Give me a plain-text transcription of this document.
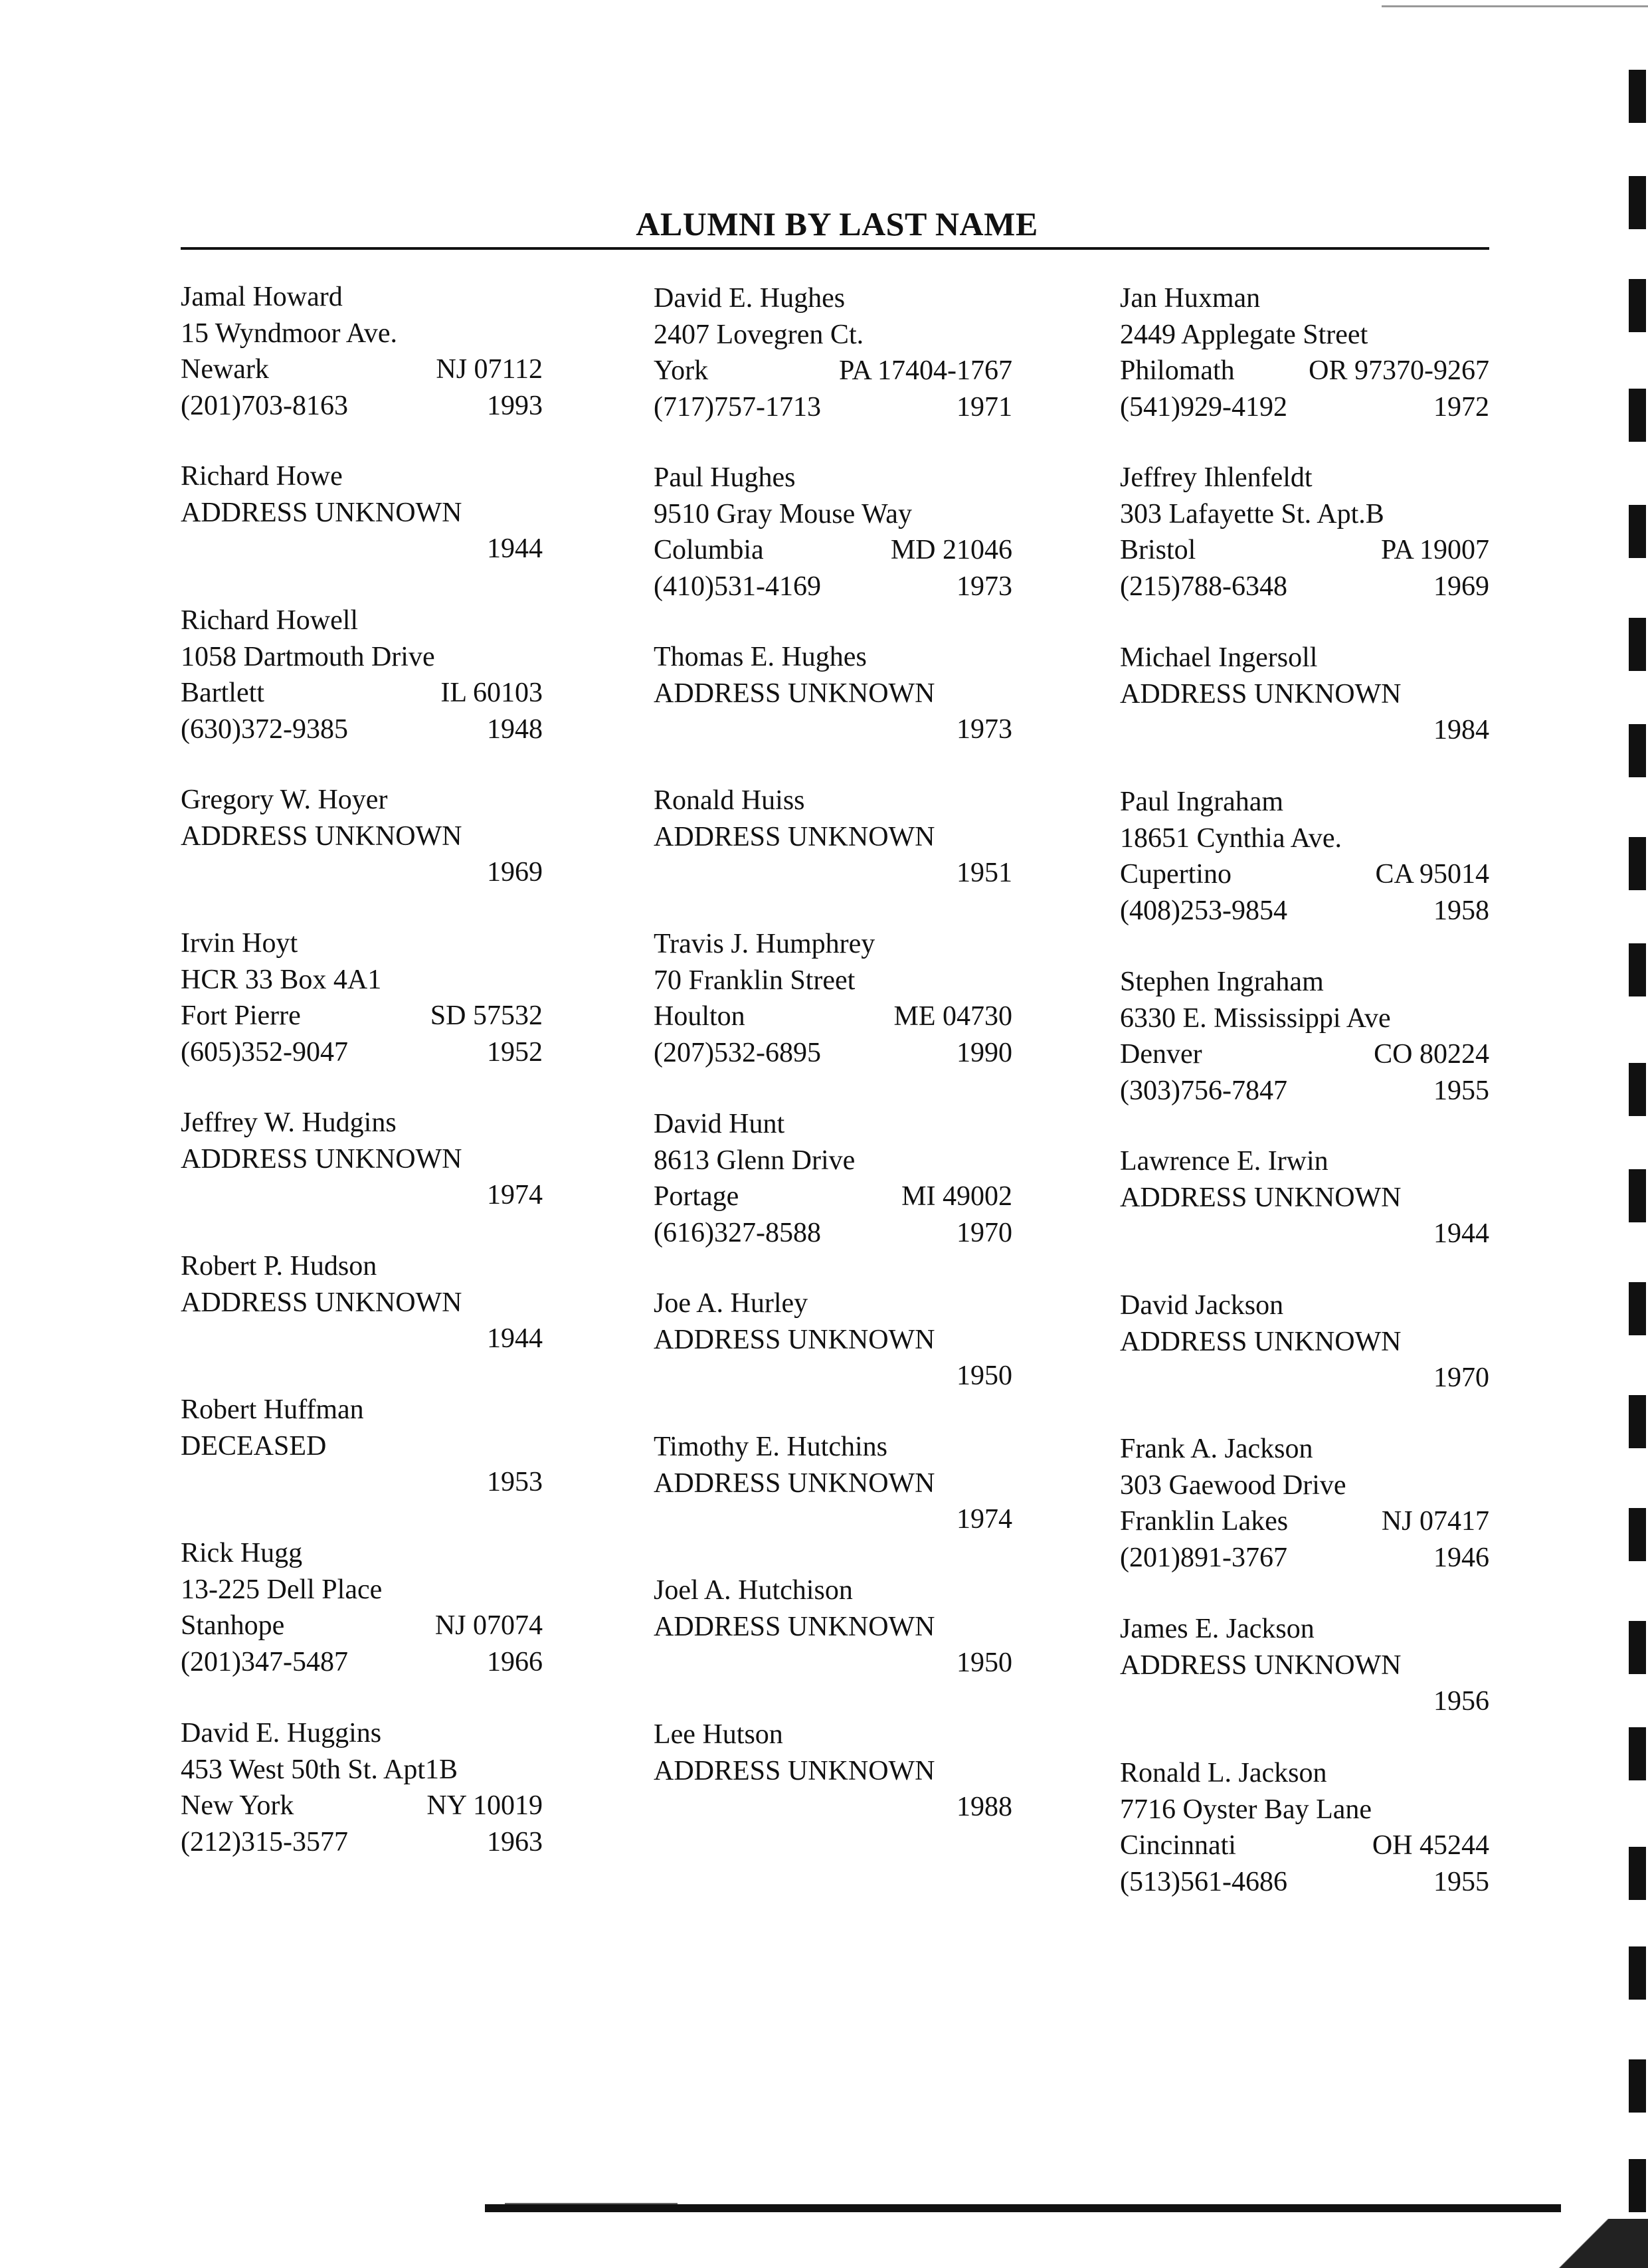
ALUMNI BY LAST NAME
Jamal Howard
15 Wyndmoor Ave.
Newark	NJ 07112
(201)703-8163	1993
Richard Howe
ADDRESS UNKNOWN
1944
Richard Howell
1058 Dartmouth Drive
Bartlett	IL 60103
(630)372-9385	1948
Gregory W. Hoyer
ADDRESS UNKNOWN
1969
Irvin Hoyt
HCR 33 Box 4A1
Fort Pierre	SD 57532
(605)352-9047	1952
Jeffrey W. Hudgins
ADDRESS UNKNOWN
1974
Robert P. Hudson
ADDRESS UNKNOWN
1944
Robert Huffman
DECEASED
1953
Rick Hugg
13-225 Dell Place
Stanhope	NJ 07074
(201)347-5487	1966
David E. Huggins
453 West 50th St. Apt1B
New York	NY 10019
(212)315-3577	1963
David E. Hughes
2407 Lovegren Ct.
York	PA 17404-1767
(717)757-1713	1971
Paul Hughes
9510 Gray Mouse Way
Columbia	MD 21046
(410)531-4169	1973
Thomas E. Hughes
ADDRESS UNKNOWN
1973
Ronald Huiss
ADDRESS UNKNOWN
1951
Travis J. Humphrey
70 Franklin Street
Houlton	ME 04730
(207)532-6895	1990
David Hunt
8613 Glenn Drive
Portage	MI 49002
(616)327-8588	1970
Joe A. Hurley
ADDRESS UNKNOWN
1950
Timothy E. Hutchins
ADDRESS UNKNOWN
1974
Joel A. Hutchison
ADDRESS UNKNOWN
1950
Lee Hutson
ADDRESS UNKNOWN
1988
Jan Huxman
2449 Applegate Street
Philomath	OR 97370-9267
(541)929-4192	1972
Jeffrey Ihlenfeldt
303 Lafayette St. Apt.B
Bristol	PA 19007
(215)788-6348	1969
Michael Ingersoll
ADDRESS UNKNOWN
1984
Paul Ingraham
18651 Cynthia Ave.
Cupertino	CA 95014
(408)253-9854	1958
Stephen Ingraham
6330 E. Mississippi Ave
Denver	CO 80224
(303)756-7847	1955
Lawrence E. Irwin
ADDRESS UNKNOWN
1944
David Jackson
ADDRESS UNKNOWN
1970
Frank A. Jackson
303 Gaewood Drive
Franklin Lakes	NJ 07417
(201)891-3767	1946
James E. Jackson
ADDRESS UNKNOWN
1956
Ronald L. Jackson
7716 Oyster Bay Lane
Cincinnati	OH 45244
(513)561-4686	1955
